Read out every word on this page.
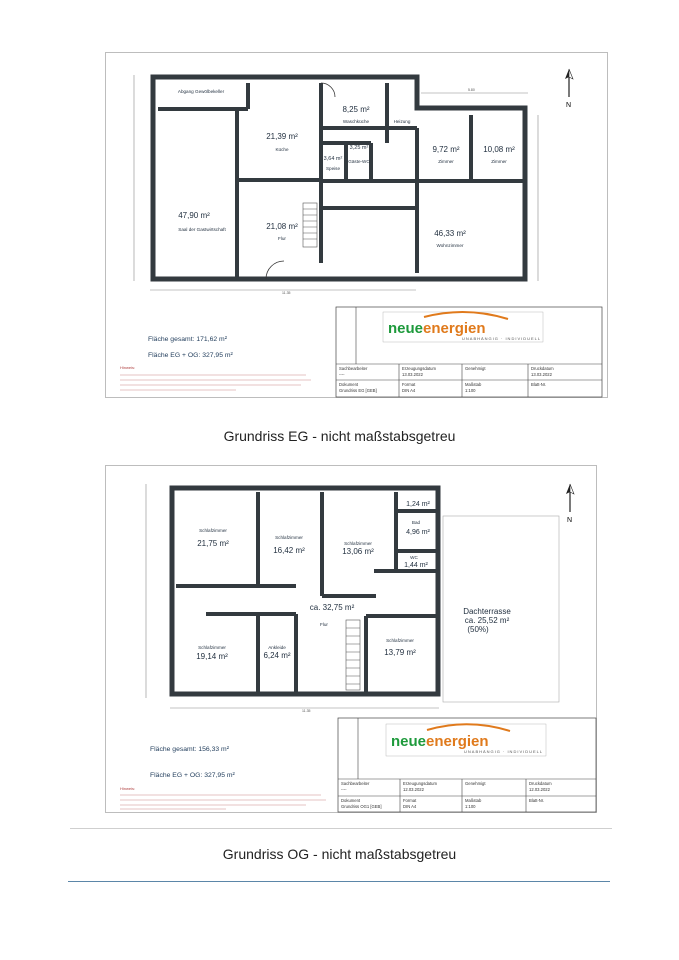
11.35
5.80
Abgang Gewölbekeller
21,39 m²
Küche
8,25 m²
Waschküche	Heizung
9,72 m²
Zimmer
10,08 m²
Zimmer
3,64 m²
Speise
3,25 m²
Gäste-WC
47,90 m²
Saal der Gastwirtschaft	21,08 m²
Flur
46,33 m²
Wohnzimmer
N
Fläche gesamt: 171,62 m²
Fläche EG + OG: 327,95 m²
Hinweis:
neueenergien
UNABHÄNGIG · INDIVIDUELL
Sachbearbeiter
----
Erzeugungsdatum
13.03.2022
Genehmigt	Druckdatum
13.03.2022
Dokument
Grundriss EG [GEB]
Format
DIN A4
Maßstab
1:100
Blatt-Nr.
Grundriss EG - nicht maßstabsgetreu
11.35
Schlafzimmer
21,75 m²
Schlafzimmer
16,42 m²
Schlafzimmer
13,06 m²
1,24 m²
Bad
4,96 m²
WC
1,44 m²
ca. 32,75 m²
Flur
Schlafzimmer
19,14 m²
Ankleide
6,24 m²
Schlafzimmer
13,79 m²
Dachterrasse
ca. 25,52 m²
(50%)
N
Fläche gesamt: 156,33 m²
Fläche EG + OG: 327,95 m²
Hinweis:
neueenergien
UNABHÄNGIG · INDIVIDUELL
Sachbearbeiter
----
Erzeugungsdatum
12.03.2022
Genehmigt	Druckdatum
12.03.2022
Dokument
Grundriss OG1 [GEB]
Format
DIN A4
Maßstab
1:100
Blatt-Nr.
Grundriss OG - nicht maßstabsgetreu
